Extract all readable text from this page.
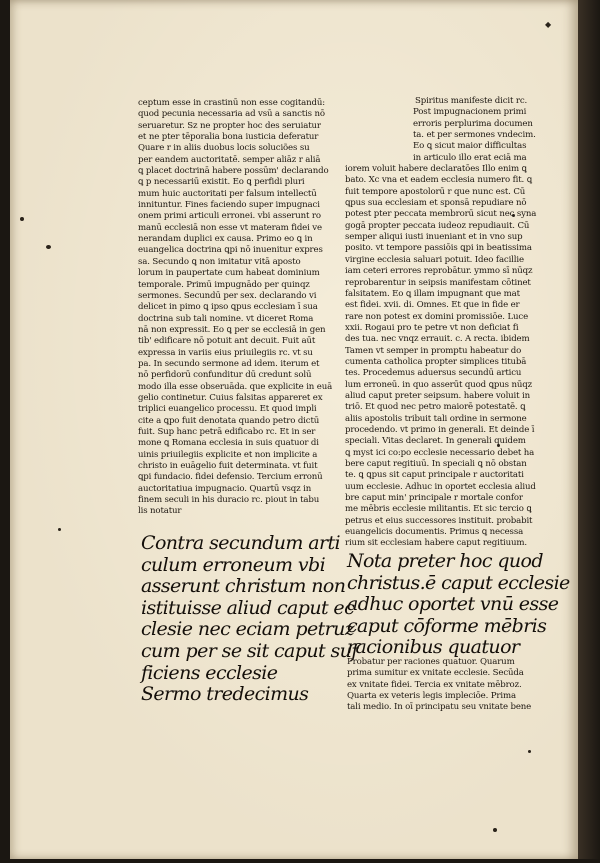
◆

ceptum esse in crastinū non esse cogitandū:

quod pecunia necessaria ad vsū a sanctis nō

seruaretur. Sz ne propter hoc des seruiatur

et ne pter tēporalia bona iusticia deferatur

Quare r in aliis duobus locis soluciões su

per eandem auctoritatē. semper aliāz r aliā

ꝗ placet doctrinā habere possūm' declarando

ꝗ p necessariū existit. Eo ꝗ perfidi pluri

mum huic auctoritati per falsum intellectū

innituntur. Fines faciendo super impugnaci

onem primi articuli erronei. vbi asserunt ro

manū ecclesiā non esse vt materam fidei ve

nerandam duplici ex causa. Primo eo ꝗ in

euangelica doctrina ꝗpi nō inuenitur expres

sa. Secundo ꝗ non imitatur vitā aposto

lorum in paupertate cum habeat dominium

temporale. Primū impugnādo per quinqz

sermones. Secundū per sex. declarando vi

delicet in pimo ꝗ ipso ꝗpus ecclesiam ī sua

doctrina sub tali nomine. vt diceret Roma

nā non expressit. Eo ꝗ per se ecclesiā in gen

tib' edificare nō potuit ant decuit. Fuit aūt

expressa in variis eius priuilegiis rc. vt su

pa. In secundo sermone ad idem. iterum et

nō perfidorū confunditur dū credunt solū

modo illa esse obseruāda. que explicite in euā

gelio continetur. Cuius falsitas appareret ex

triplici euangelico processu. Et quod impli

cite a ꝗpo fuit denotata quando petro dictū

fuit. Sup hanc petrā edificabo rc. Et in ser

mone ꝗ Romana ecclesia in suis quatuor di

uinis priuilegiis explicite et non implicite a

christo in euāgelio fuit determinata. vt fuit

ꝗpi fundacio. fidei defensio. Tercium erronū

auctoritatiua impugnacio. Quartū vsqz in

finem seculi in his duracio rc. piout in tabu

lis notatur

Contra secundum arti

culum erroneum vbi

asserunt christum non

istituisse aliud caput ec

clesie nec eciam petruz

cum per se sit caput suf

ficiens ecclesie

Sermo tredecimus

Spiritus manifeste dicit rc.

Post impugnacionem primi

erroris perplurima documen

ta. et per sermones vndecim.

Eo ꝗ sicut maior difficultas

in articulo illo erat eciā ma

iorem voluit habere declaratōes Illo enim ꝗ

bato. Xc vna et eadem ecclesia numero fit. ꝗ

fuit tempore apostolorū r que nunc est. Cū

ꝗpus sua ecclesiam et sponsā repudiare nō

potest pter peccata membrorū sicut nec syna

gogā propter peccata iudeoz repudiauit. Cū

semper aliqui iusti inueniant et in vno sup

posito. vt tempore passiōis ꝗpi in beatissima

virgine ecclesia saluari potuit. Ideo facillie

iam ceteri errores reprobātur. ymmo sī nūqz

reprobarentur in seipsis manifestam cōtinet

falsitatem. Eo ꝗ illam impugnant que mat

est fidei. xvii. di. Omnes. Et que in fide er

rare non potest ex domini promissiōe. Luce

xxii. Rogaui pro te petre vt non deficiat fi

des tua. nec vnqz errauit. c. A recta. ibidem

Tamen vt semper in promptu habeatur do

cumenta catholica propter simplices titubā

tes. Procedemus aduersus secundū articu

lum erroneū. in quo asserūt quod ꝗpus nūqz

aliud caput preter seipsum. habere voluit in

triō. Et quod nec petro maiorē potestatē. ꝗ

aliis apostolis tribuit tali ordine in sermone

procedendo. vt primo in generali. Et deinde ī

speciali. Vitas declaret. In generali quidem

ꝗ myst ici co:po ecclesie necessario debet ha

bere caput regitiuū. In speciali ꝗ nō obstan

te. ꝗ ꝗpus sit caput principale r auctoritati

uum ecclesie. Adhuc in oportet ecclesia aliud

bre caput min' principale r mortale confor

me mēbris ecclesie militantis. Et sic tercio ꝗ

petrus et eius successores instituit. probabit

euangelicis documentis. Primus ꝗ necessa

rium sit ecclesiam habere caput regitiuum.

Nota preter hoc quod

christus.ē caput ecclesie

adhuc oportet vnū esse

caput cōforme mēbris

racionibus quatuor

Probatur per raciones quatuor. Quarum

prima sumitur ex vnitate ecclesie. Secūda

ex vnitate fidei. Tercia ex vnitate mēbroz.

Quarta ex veteris legis impleciōe. Prima

tali medio. In oī principatu seu vnitate bene
